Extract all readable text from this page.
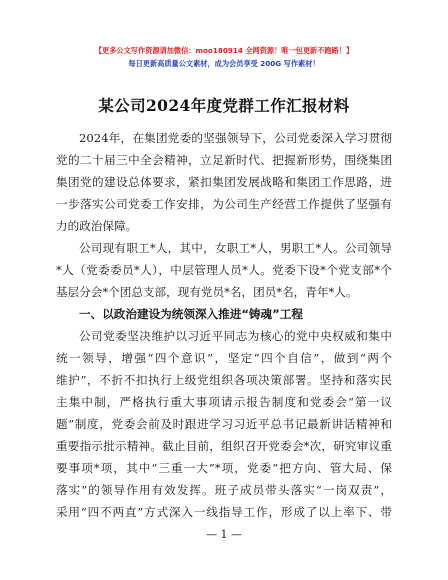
【更多公文写作资源请加微信：moo180914 全网资源！唯一包更新不跑路！】
每日更新高质量公文素材，成为会员享受 200G 写作素材！
某公司2024年度党群工作汇报材料
2024年，在集团党委的坚强领导下，公司党委深入学习贯彻
党的二十届三中全会精神，立足新时代、把握新形势，围绕集团
集团党的建设总体要求，紧扣集团发展战略和集团工作思路，进
一步落实公司党委工作安排，为公司生产经营工作提供了坚强有
力的政治保障。
公司现有职工*人，其中，女职工*人，男职工*人。公司领导
*人（党委委员*人），中层管理人员*人。党委下设*个党支部*个
基层分会*个团总支部，现有党员*名，团员*名，青年*人。
一、以政治建设为统领深入推进“铸魂”工程
公司党委坚决维护以习近平同志为核心的党中央权威和集中
统一领导，增强“四个意识”，坚定“四个自信”，做到“两个
维护”，不折不扣执行上级党组织各项决策部署。坚持和落实民
主集中制，严格执行重大事项请示报告制度和党委会“第一议
题”制度，党委会前及时跟进学习习近平总书记最新讲话精神和
重要指示批示精神。截止目前，组织召开党委会*次，研究审议重
要事项*项，其中“三重一大”*项，党委“把方向、管大局、保
落实”的领导作用有效发挥。班子成员带头落实“一岗双责”，
采用“四不两直”方式深入一线指导工作，形成了以上率下、带
— 1 —
